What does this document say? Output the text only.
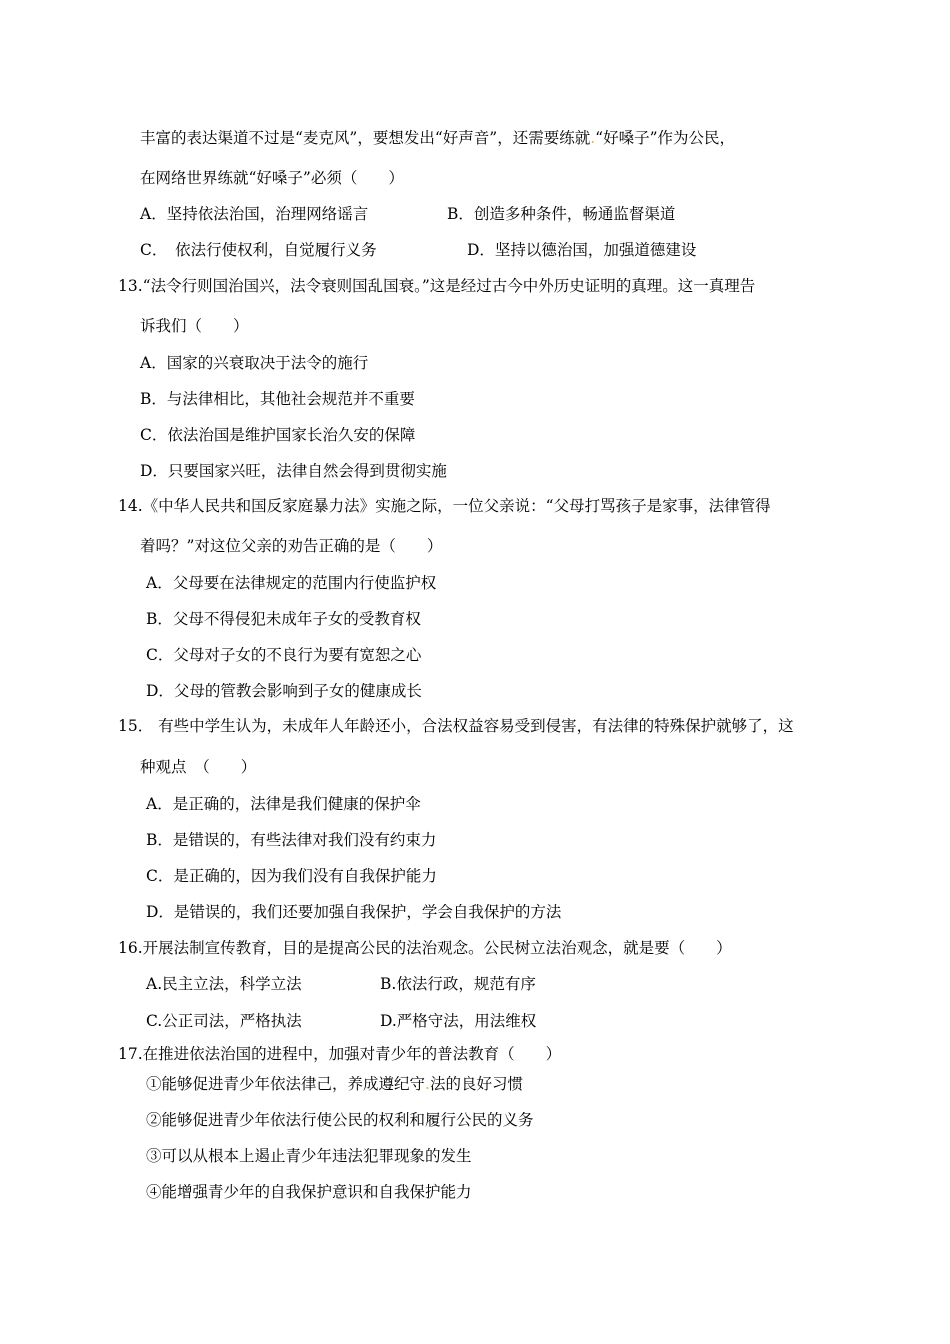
丰富的表达渠道不过是“麦克风”，要想发出“好声音”，还需要练就.“好嗓子”作为公民，
在网络世界练就“好嗓子”必须（　　）
A．坚持依法治国，治理网络谣言	B．创造多种条件，畅通监督渠道
C．　依法行使权利，自觉履行义务	D．坚持以德治国，加强道德建设
13.“法令行则国治国兴，法令衰则国乱国衰。”这是经过古今中外历史证明的真理。这一真理告
诉我们（　　）
A．国家的兴衰取决于法令的施行
B．与法律相比，其他社会规范并不重要
C．依法治国是维护国家长治久安的保障
D．只要国家兴旺，法律自然会得到贯彻实施
14.《中华人民共和国反家庭暴力法》实施之际，一位父亲说：“父母打骂孩子是家事，法律管得
着吗？”对这位父亲的劝告正确的是（　　）
A．父母要在法律规定的范围内行使监护权
B．父母不得侵犯未成年子女的受教育权
C．父母对子女的不良行为要有宽恕之心
D．父母的管教会影响到子女的健康成长
15． 有些中学生认为，未成年人年龄还小，合法权益容易受到侵害，有法律的特殊保护就够了，这
种观点　（　　）
A．是正确的，法律是我们健康的保护伞
B．是错误的，有些法律对我们没有约束力
C．是正确的，因为我们没有自我保护能力
D．是错误的，我们还要加强自我保护，学会自我保护的方法
16.开展法制宣传教育，目的是提高公民的法治观念。公民树立法治观念，就是要（　　）
A.民主立法，科学立法	B.依法行政，规范有序
C.公正司法，严格执法	D.严格守法，用法维权
17.在推进依法治国的进程中，加强对青少年的普法教育（　　）
①能够促进青少年依法律己，养成遵纪守.法的良好习惯
②能够促进青少年依法行使公民的权利和履行公民的义务
③可以从根本上遏止青少年违法犯罪现象的发生
④能增强青少年的自我保护意识和自我保护能力
